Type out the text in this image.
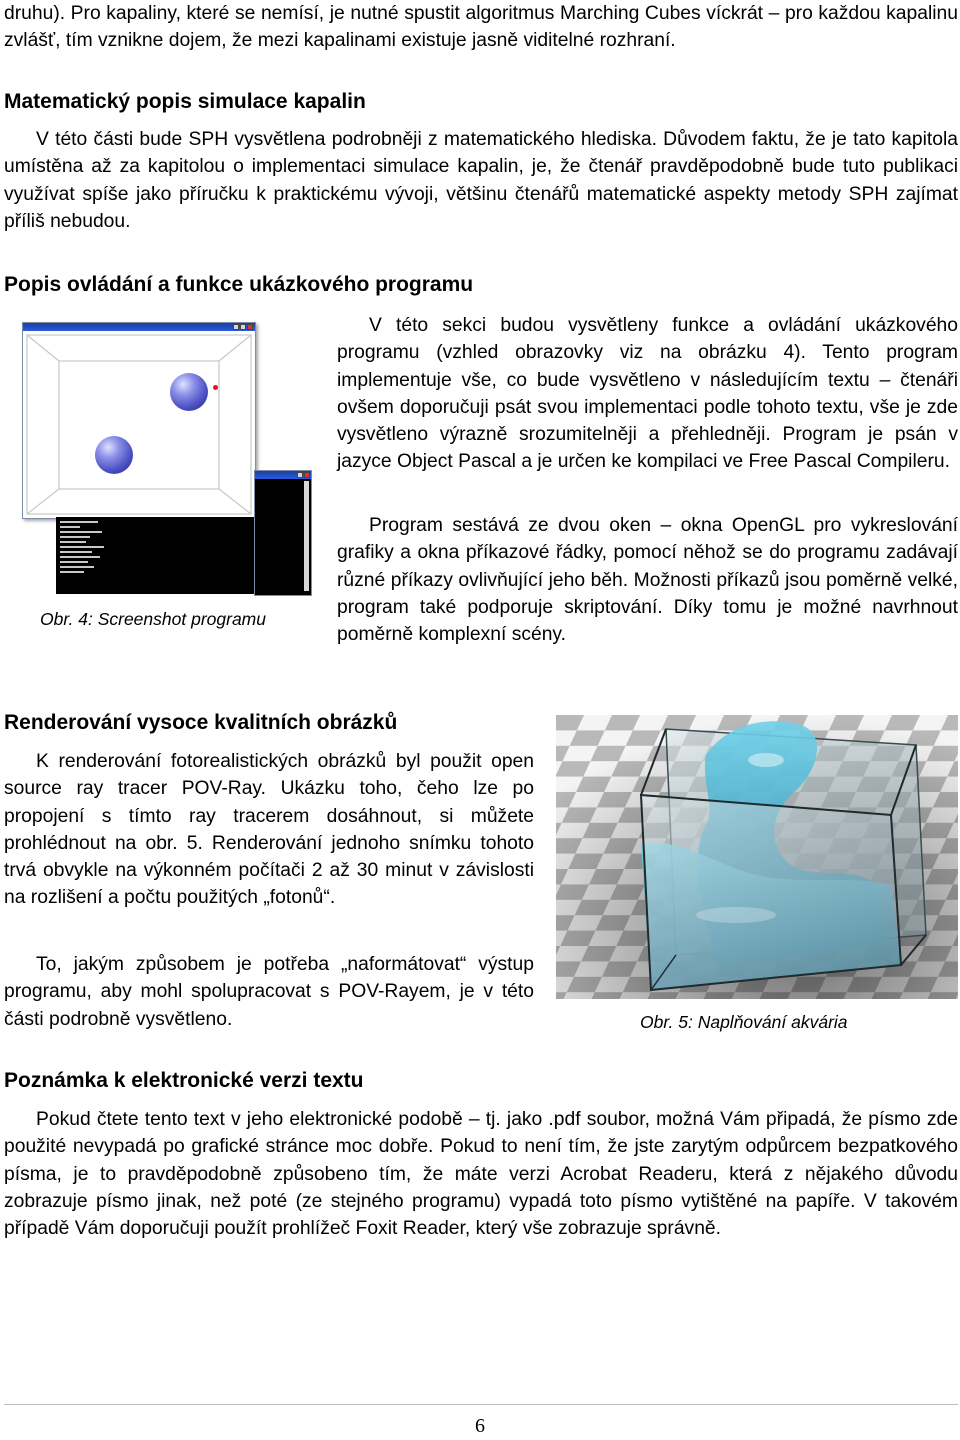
druhu). Pro kapaliny, které se nemísí, je nutné spustit algoritmus Marching Cubes víckrát – pro každou kapalinu zvlášť, tím vznikne dojem, že mezi kapalinami existuje jasně viditelné rozhraní.

Matematický popis simulace kapalin

V této části bude SPH vysvětlena podrobněji z matematického hlediska. Důvodem faktu, že je tato kapitola umístěna až za kapitolou o implementaci simulace kapalin, je, že čtenář pravděpodobně bude tuto publikaci využívat spíše jako příručku k praktickému vývoji, většinu čtenářů matematické aspekty metody SPH zajímat příliš nebudou.

Popis ovládání a funkce ukázkového programu
Obr. 4: Screenshot programu

V této sekci budou vysvětleny funkce a ovládání ukázkového programu (vzhled obrazovky viz na obrázku 4). Tento program implementuje vše, co bude vysvětleno v následujícím textu – čtenáři ovšem doporučuji psát svou implementaci podle tohoto textu, vše je zde vysvětleno výrazně srozumitelněji a přehledněji. Program je psán v jazyce Object Pascal a je určen ke kompilaci ve Free Pascal Compileru.

Program sestává ze dvou oken – okna OpenGL pro vykreslování grafiky a okna příkazové řádky, pomocí něhož se do programu zadávají různé příkazy ovlivňující jeho běh. Možnosti příkazů jsou poměrně velké, program také podporuje skriptování. Díky tomu je možné navrhnout poměrně komplexní scény.

Renderování vysoce kvalitních obrázků

K renderování fotorealistických obrázků byl použit open source ray tracer POV-Ray. Ukázku toho, čeho lze po propojení s tímto ray tracerem dosáhnout, si můžete prohlédnout na obr. 5. Renderování jednoho snímku tohoto trvá obvykle na výkonném počítači 2 až 30 minut v závislosti na rozlišení a počtu použitých „fotonů“.

To, jakým způsobem je potřeba „naformátovat“ výstup programu, aby mohl spolupracovat s POV-Rayem, je v této části podrobně vysvětleno.	Obr. 5: Naplňování akvária
Poznámka k elektronické verzi textu

Pokud čtete tento text v jeho elektronické podobě – tj. jako .pdf soubor, možná Vám připadá, že písmo zde použité nevypadá po grafické stránce moc dobře. Pokud to není tím, že jste zarytým odpůrcem bezpatkového písma, je to pravděpodobně způsobeno tím, že máte verzi Acrobat Readeru, která z nějakého důvodu zobrazuje písmo jinak, než poté (ze stejného programu) vypadá toto písmo vytištěné na papíře. V takovém případě Vám doporučuji použít prohlížeč Foxit Reader, který vše zobrazuje správně.

6
